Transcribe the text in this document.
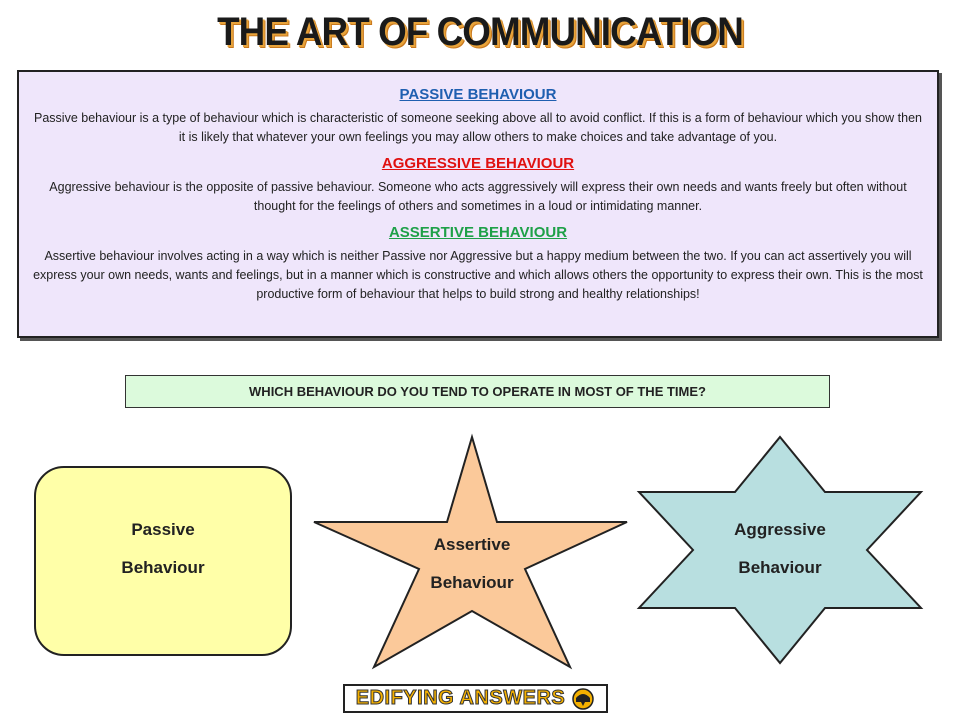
THE ART OF COMMUNICATION
PASSIVE BEHAVIOUR
Passive behaviour is a type of behaviour which is characteristic of someone seeking above all to avoid conflict. If this is a form of behaviour which you show then it is likely that whatever your own feelings you may allow others to make choices and take advantage of you.
AGGRESSIVE BEHAVIOUR
Aggressive behaviour is the opposite of passive behaviour. Someone who acts aggressively will express their own needs and wants freely but often without thought for the feelings of others and sometimes in a loud or intimidating manner.
ASSERTIVE BEHAVIOUR
Assertive behaviour involves acting in a way which is neither Passive nor Aggressive but a happy medium between the two. If you can act assertively you will express your own needs, wants and feelings, but in a manner which is constructive and which allows others the opportunity to express their own. This is the most productive form of behaviour that helps to build strong and healthy relationships!
WHICH BEHAVIOUR DO YOU TEND TO OPERATE IN MOST OF THE TIME?
Passive
Behaviour
Assertive
Behaviour
Aggressive
Behaviour
EDIFYING ANSWERS
